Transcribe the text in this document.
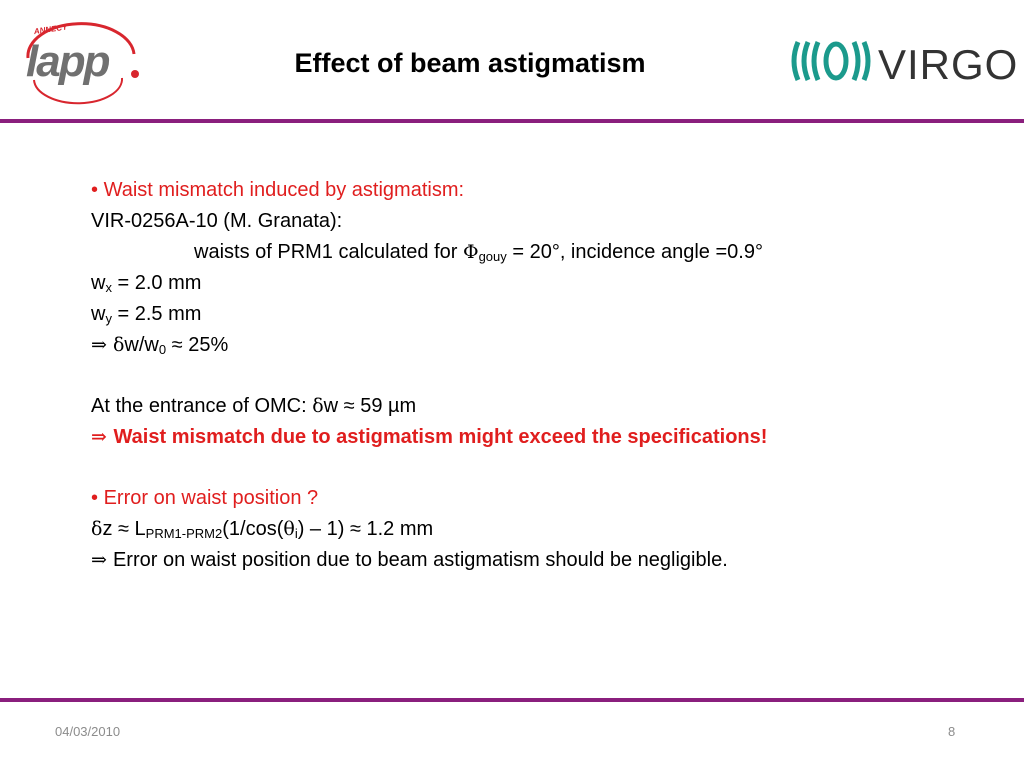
ANNECY
lapp	Effect of beam astigmatism	VIRGO
• Waist mismatch induced by astigmatism:
VIR-0256A-10 (M. Granata):
waists of PRM1 calculated for $\Phi_{gouy} = 20^\circ$, incidence angle =0.9°
$w_x = 2.0$ mm
$w_y = 2.5$ mm
⇒ $\delta w/w_0 \approx 25\%$
At the entrance of OMC: δw ≈ 59 µm
⇒ Waist mismatch due to astigmatism might exceed the specifications!
• Error on waist position ?
$\delta z \approx L_{PRM1-PRM2}(1/\cos(\theta_i) - 1) \approx 1.2$ mm
⇒ Error on waist position due to beam astigmatism should be negligible.
04/03/2010	8
